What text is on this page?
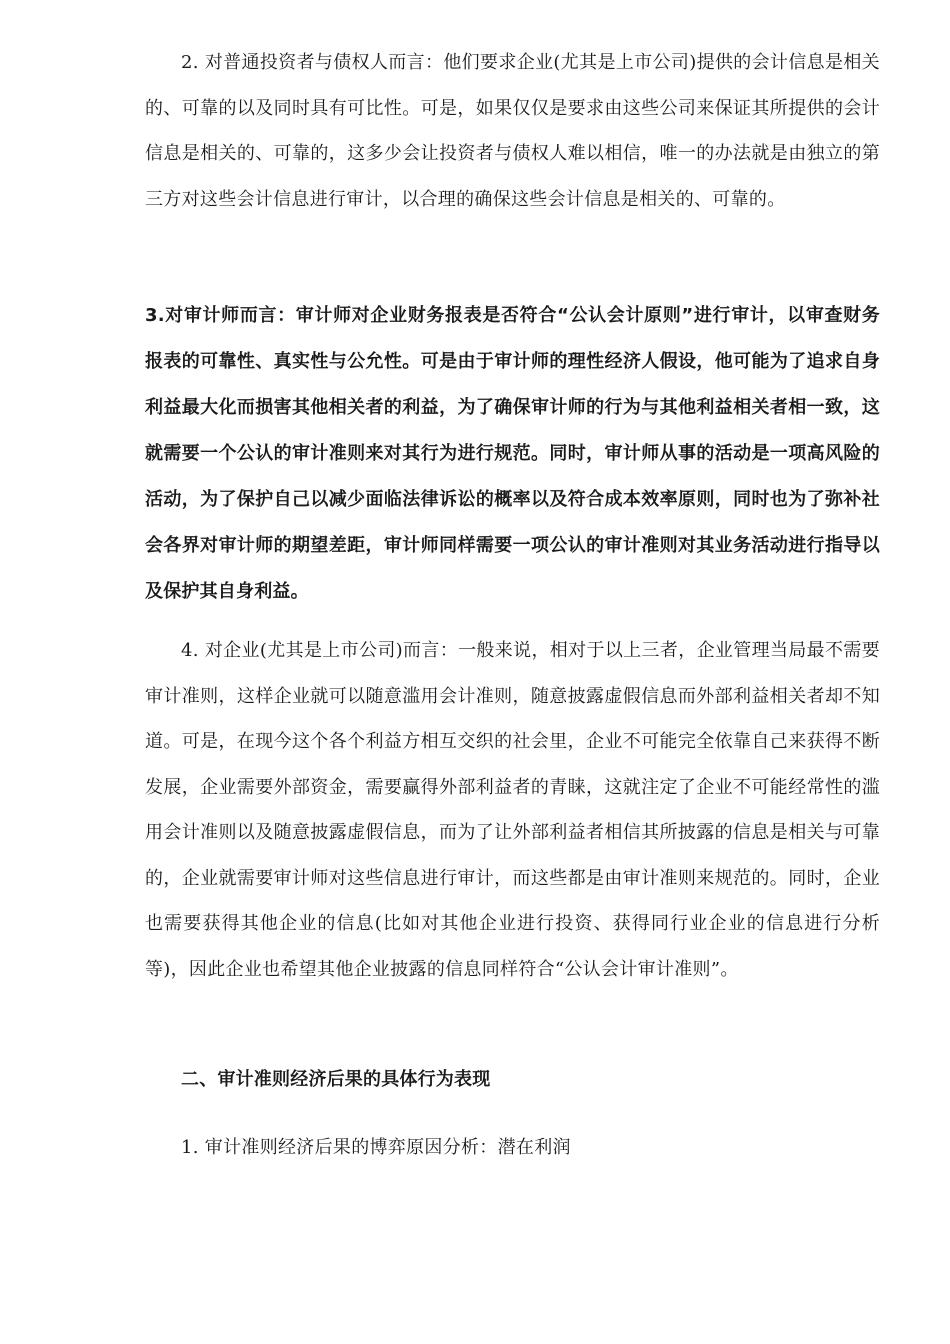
2. 对普通投资者与债权人而言：他们要求企业(尤其是上市公司)提供的会计信息是相关的、可靠的以及同时具有可比性。可是，如果仅仅是要求由这些公司来保证其所提供的会计信息是相关的、可靠的，这多少会让投资者与债权人难以相信，唯一的办法就是由独立的第三方对这些会计信息进行审计，以合理的确保这些会计信息是相关的、可靠的。

3.对审计师而言：审计师对企业财务报表是否符合“公认会计原则”进行审计，以审查财务报表的可靠性、真实性与公允性。可是由于审计师的理性经济人假设，他可能为了追求自身利益最大化而损害其他相关者的利益，为了确保审计师的行为与其他利益相关者相一致，这就需要一个公认的审计准则来对其行为进行规范。同时，审计师从事的活动是一项高风险的活动，为了保护自己以减少面临法律诉讼的概率以及符合成本效率原则，同时也为了弥补社会各界对审计师的期望差距，审计师同样需要一项公认的审计准则对其业务活动进行指导以及保护其自身利益。

4. 对企业(尤其是上市公司)而言：一般来说，相对于以上三者，企业管理当局最不需要审计准则，这样企业就可以随意滥用会计准则，随意披露虚假信息而外部利益相关者却不知道。可是，在现今这个各个利益方相互交织的社会里，企业不可能完全依靠自己来获得不断发展，企业需要外部资金，需要赢得外部利益者的青睐，这就注定了企业不可能经常性的滥用会计准则以及随意披露虚假信息，而为了让外部利益者相信其所披露的信息是相关与可靠的，企业就需要审计师对这些信息进行审计，而这些都是由审计准则来规范的。同时，企业也需要获得其他企业的信息(比如对其他企业进行投资、获得同行业企业的信息进行分析等)，因此企业也希望其他企业披露的信息同样符合“公认会计审计准则”。

二、审计准则经济后果的具体行为表现

1. 审计准则经济后果的博弈原因分析：潜在利润
